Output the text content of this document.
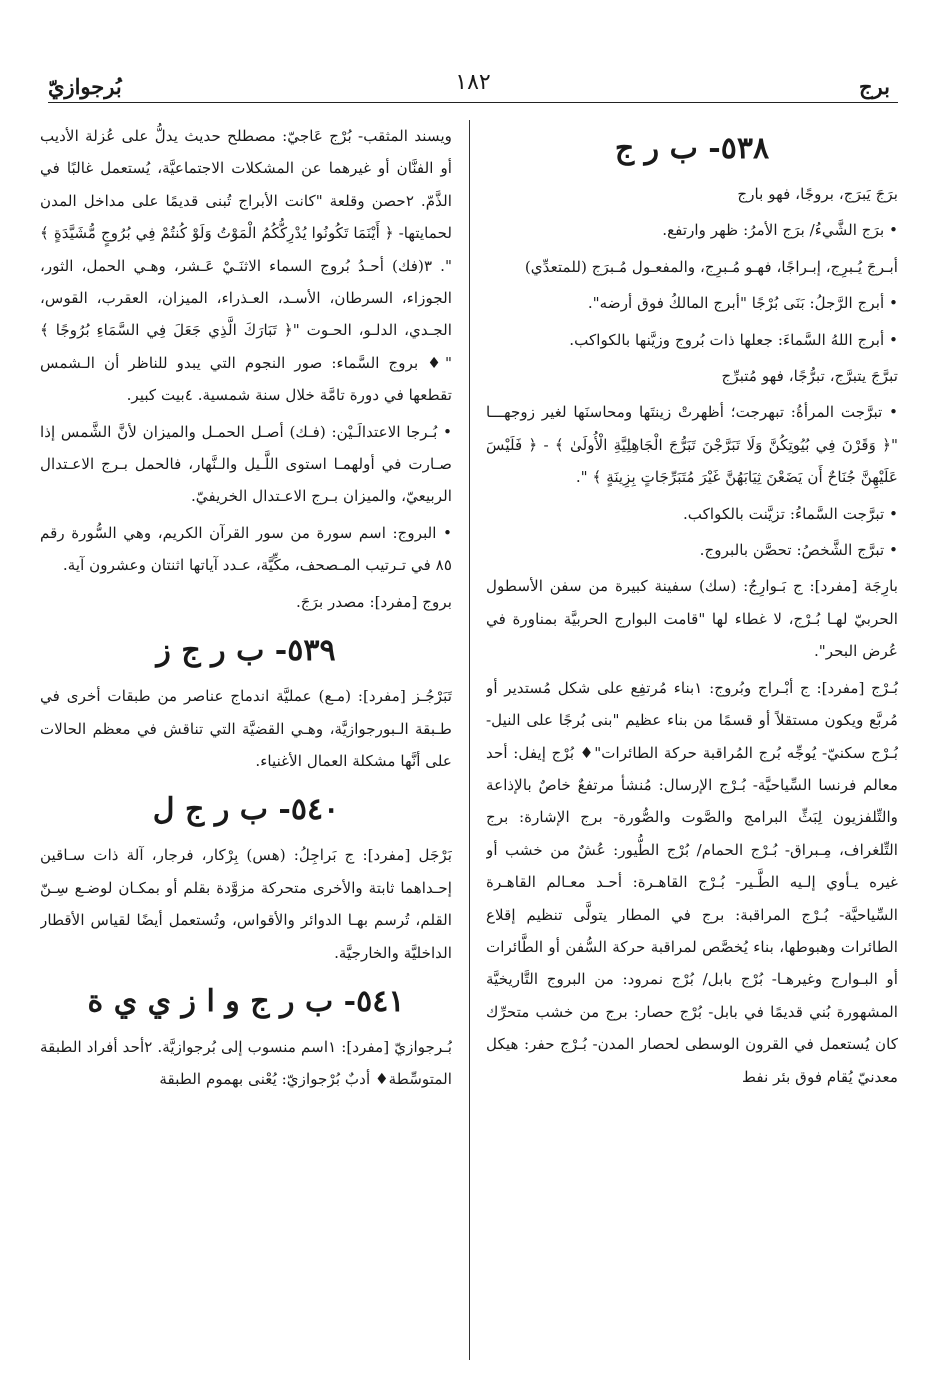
برج
١٨٢
بُرجوازيّ

٥٣٨- ب ر ج

برَجَ يَبرَج، بروجًا، فهو بارج

• برَج الشَّيءُ/ برَج الأمرُ: ظهر وارتفع.

أبـرجَ يُـبرِج، إبـراجًا، فهـو مُـبرِج، والمفعـول مُـبرَج (للمتعدِّي)

• أبرج الرَّجلُ: بَنَى بُرْجًا "أبرج المالكُ فوق أرضه".

• أبرج اللهُ السَّماءَ: جعلها ذات بُروج وزيَّنها بالكواكب.

تبرَّجَ يتبرَّج، تبرُّجًا، فهو مُتبرِّج

• تبرَّجت المرأةُ: تبهرجت؛ أظهرتْ زينتَها ومحاسنَها لغير زوجهـــا "﴿ وَقَرْنَ فِي بُيُوتِكُنَّ وَلَا تَبَرَّجْنَ تَبَرُّجَ الْجَاهِلِيَّةِ الْأُولَىٰ ﴾ - ﴿ فَلَيْسَ عَلَيْهِنَّ جُنَاحٌ أَن يَضَعْنَ ثِيَابَهُنَّ غَيْرَ مُتَبَرِّجَاتٍ بِزِينَةٍ ﴾ ".

• تبرَّجت السَّماءُ: تزيَّنت بالكواكب.

• تبرَّج الشَّخصُ: تحصَّن بالبروج.

بارِجَة [مفرد]: ج بَـوارِجُ: (سك) سفينة كبيرة من سفن الأسطول الحربيّ لهـا بُـرْج، لا غطاء لها "قامت البوارج الحربيَّة بمناورة في عُرض البحر".

بُـرْج [مفرد]: ج أبْـراج وبُروج: ١بناء مُرتفِع على شكل مُستدير أو مُربَّع ويكون مستقلاً أو قسمًا من بناء عظيم "بنى بُرجًا على النيل- بُـرْج سكنيّ- يُوجِّه بُرج المُراقبة حركة الطائرات"♦ بُرْج إيفل: أحد معالم فرنسا السِّياحيَّة- بُـرْج الإرسال: مُنشأ مرتفعٌ خاصٌ بالإذاعة والتِّلفزيون لِبَثِّ البرامج والصَّوت والصُّورة- برج الإشارة: برج التِّلغراف، مِـبراق- بُـرْج الحمام/ بُرْج الطُّيور: عُشٌ من خشب أو غيره يـأوي إلـيه الطَّـير- بُـرْج القاهـرة: أحـد معـالم القاهـرة السِّياحيَّة- بُـرْج المراقبة: برج في المطار يتولَّى تنظيم إقلاع الطائرات وهبوطها، بناء يُخصَّص لمراقبة حركة السُّفن أو الطَّائرات أو البـوارج وغيرهـا- بُرْج بابل/ بُرْج نمرود: من البروج التَّاريخيَّة المشهورة بُني قديمًا في بابل- بُرْج حصار: برج من خشب متحرِّك كان يُستعمل في القرون الوسطى لحصار المدن- بُـرْج حفر: هيكل معدنيّ يُقام فوق بئر نفط

ويسند المثقب- بُرْج عَاجيّ: مصطلح حديث يدلُّ على عُزلة الأديب أو الفنَّان أو غيرهما عن المشكلات الاجتماعيَّة، يُستعمل غالبًا في الذَّمّ. ٢حصن وقلعة "كانت الأبراج تُبنى قديمًا على مداخل المدن لحمايتها- ﴿ أَيْنَمَا تَكُونُوا يُدْرِكُّكُمُ الْمَوْتُ وَلَوْ كُنتُمْ فِي بُرُوجٍ مُّشَيَّدَةٍ ﴾ ". ٣(فك) أحـدُ بُروج السماء الاثنَـيْ عَـشر، وهـي الحمل، الثور، الجوزاء، السرطان، الأسـد، العـذراء، الميزان، العقرب، القوس، الجـدي، الدلـو، الحـوت "﴿ تَبَارَكَ الَّذِي جَعَلَ فِي السَّمَاءِ بُرُوجًا ﴾ "♦ بروج السَّماء: صور النجوم التي يبدو للناظر أن الـشمس تقطعها في دورة تامَّة خلال سنة شمسية. ٤بيت كبير.

• بُـرجا الاعتدالَـيْن: (فـك) أصـل الحمـل والميزان لأنَّ الشَّمس إذا صـارت في أولهمـا استوى اللَّـيل والـنَّهار، فالحمل بـرج الاعـتدال الربيعيّ، والميزان بـرج الاعـتدال الخريفيّ.

• البروج: اسم سورة من سور القرآن الكريم، وهي السُّورة رقم ٨٥ في تـرتيب المـصحف، مكِّيَّة، عـدد آياتها اثنتان وعشرون آية.

بروج [مفرد]: مصدر برَجَ.

٥٣٩- ب ر ج ز

تَبَرْجُـز [مفرد]: (مـع) عمليَّة اندماج عناصر من طبقات أخرى في طـبقة الـبورجوازيَّة، وهـي القضيَّة التي تناقش في معظم الحالات على أنَّها مشكلة العمال الأغنياء.

٥٤٠- ب ر ج ل

بَرْجَل [مفرد]: ج بَراجِلُ: (هس) بِرْكار، فرجار، آلة ذات سـاقين إحـداهما ثابتة والأخرى متحركة مزوَّدة بقلم أو بمكـان لوضـع سِـنّ القلم، تُرسم بهـا الدوائر والأقواس، وتُستعمل أيضًا لقياس الأقطار الداخليَّة والخارجيَّة.

٥٤١- ب ر ج و ا ز ي ي ة

بُـرجوازيّ [مفرد]: ١اسم منسوب إلى بُرجوازيَّة. ٢أحد أفراد الطبقة المتوسِّطة♦ أدبٌ بُرْجوازيّ: يُعْنى بهموم الطبقة
